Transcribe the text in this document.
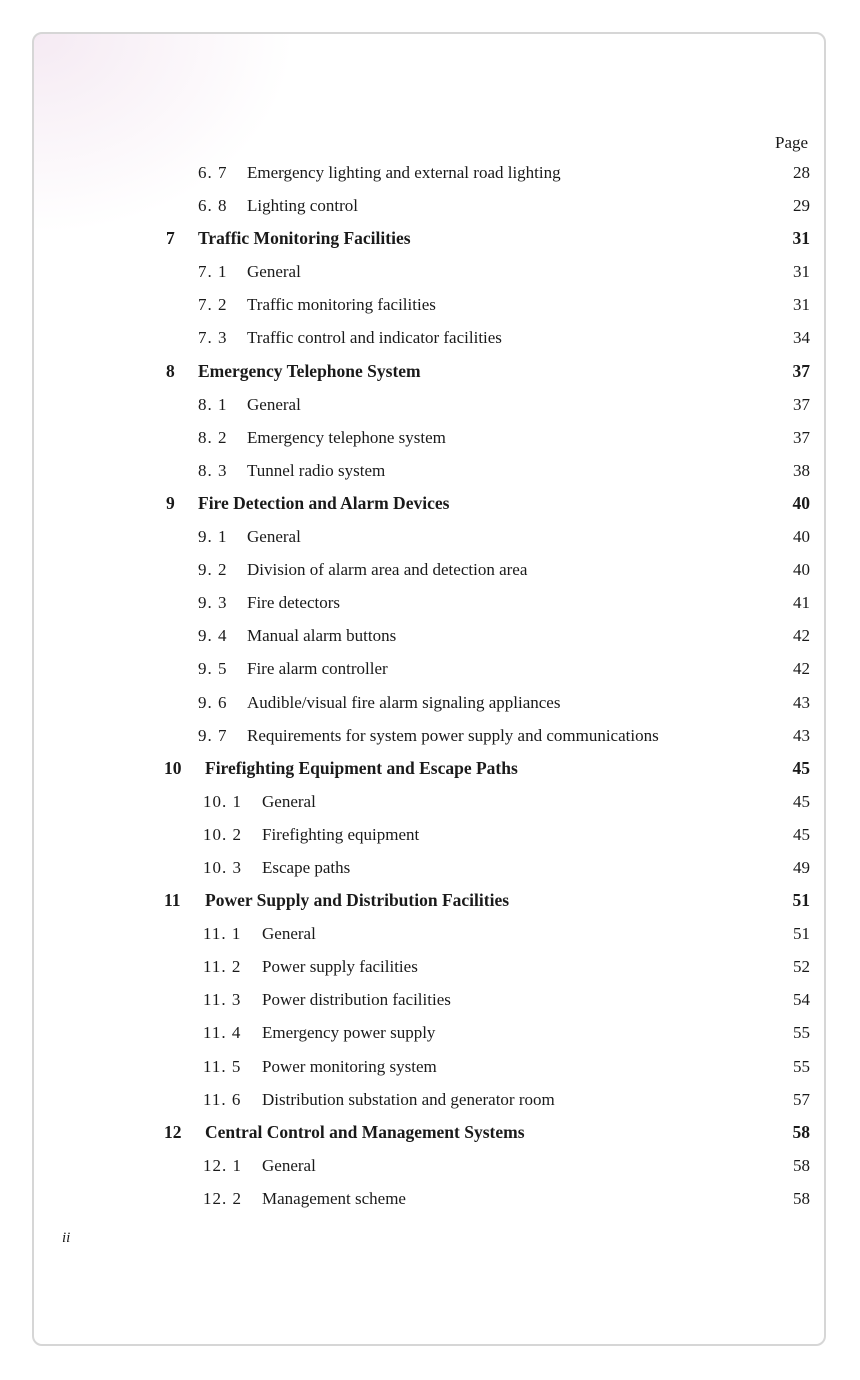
Page
6. 7 Emergency lighting and external road lighting	28
6. 8 Lighting control	29
7 Traffic Monitoring Facilities	31
7. 1 General	31
7. 2 Traffic monitoring facilities	31
7. 3 Traffic control and indicator facilities	34
8 Emergency Telephone System	37
8. 1 General	37
8. 2 Emergency telephone system	37
8. 3 Tunnel radio system	38
9 Fire Detection and Alarm Devices	40
9. 1 General	40
9. 2 Division of alarm area and detection area	40
9. 3 Fire detectors	41
9. 4 Manual alarm buttons	42
9. 5 Fire alarm controller	42
9. 6 Audible/visual fire alarm signaling appliances	43
9. 7 Requirements for system power supply and communications	43
10 Firefighting Equipment and Escape Paths	45
10. 1 General	45
10. 2 Firefighting equipment	45
10. 3 Escape paths	49
11 Power Supply and Distribution Facilities	51
11. 1 General	51
11. 2 Power supply facilities	52
11. 3 Power distribution facilities	54
11. 4 Emergency power supply	55
11. 5 Power monitoring system	55
11. 6 Distribution substation and generator room	57
12 Central Control and Management Systems	58
12. 1 General	58
12. 2 Management scheme	58
ii
